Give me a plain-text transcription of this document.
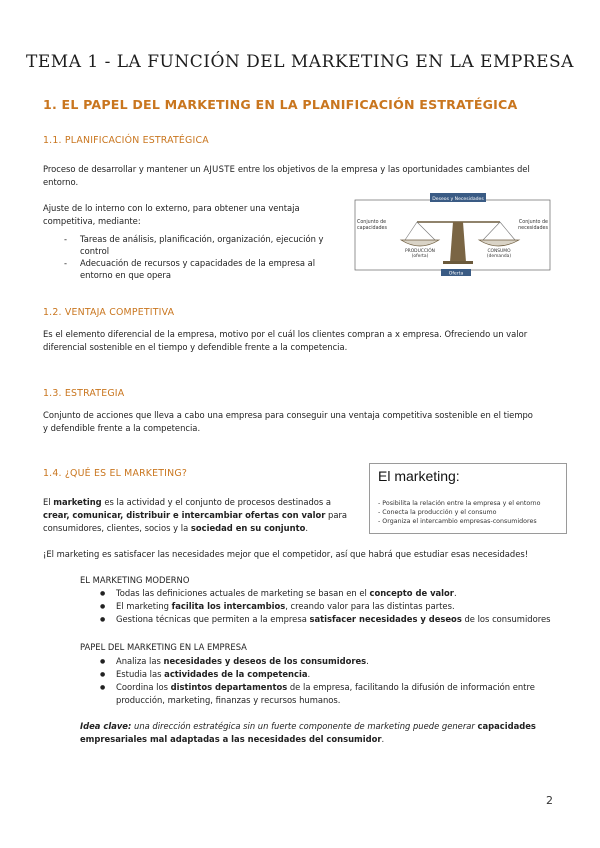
TEMA 1 - LA FUNCIÓN DEL MARKETING EN LA EMPRESA
1. EL PAPEL DEL MARKETING EN LA PLANIFICACIÓN ESTRATÉGICA
1.1. PLANIFICACIÓN ESTRATÉGICA
Proceso de desarrollar y mantener un AJUSTE entre los objetivos de la empresa y las oportunidades cambiantes del
entorno.
Ajuste de lo interno con lo externo, para obtener una ventaja
competitiva, mediante:
- Tareas de análisis, planificación, organización, ejecución y control
- Adecuación de recursos y capacidades de la empresa al entorno en que opera
Deseos y Necesidades
Conjunto de
capacidades
Conjunto de
necesidades
PRODUCCIÓN
(oferta)
CONSUMO
(demanda)
Oferta
1.2. VENTAJA COMPETITIVA
Es el elemento diferencial de la empresa, motivo por el cuál los clientes compran a x empresa. Ofreciendo un valor
diferencial sostenible en el tiempo y defendible frente a la competencia.
1.3. ESTRATEGIA
Conjunto de acciones que lleva a cabo una empresa para conseguir una ventaja competitiva sostenible en el tiempo
y defendible frente a la competencia.
1.4. ¿QUÉ ES EL MARKETING?
El marketing es la actividad y el conjunto de procesos destinados a
crear, comunicar, distribuir e intercambiar ofertas con valor para
consumidores, clientes, socios y la sociedad en su conjunto.
El marketing:
- Posibilita la relación entre la empresa y el entorno
- Conecta la producción y el consumo
- Organiza el intercambio empresas-consumidores
¡El marketing es satisfacer las necesidades mejor que el competidor, así que habrá que estudiar esas necesidades!
EL MARKETING MODERNO
● Todas las definiciones actuales de marketing se basan en el concepto de valor.
● El marketing facilita los intercambios, creando valor para las distintas partes.
● Gestiona técnicas que permiten a la empresa satisfacer necesidades y deseos de los consumidores
PAPEL DEL MARKETING EN LA EMPRESA
● Analiza las necesidades y deseos de los consumidores.
● Estudia las actividades de la competencia.
● Coordina los distintos departamentos de la empresa, facilitando la difusión de información entre
producción, marketing, finanzas y recursos humanos.
Idea clave: una dirección estratégica sin un fuerte componente de marketing puede generar capacidades
empresariales mal adaptadas a las necesidades del consumidor.
2
